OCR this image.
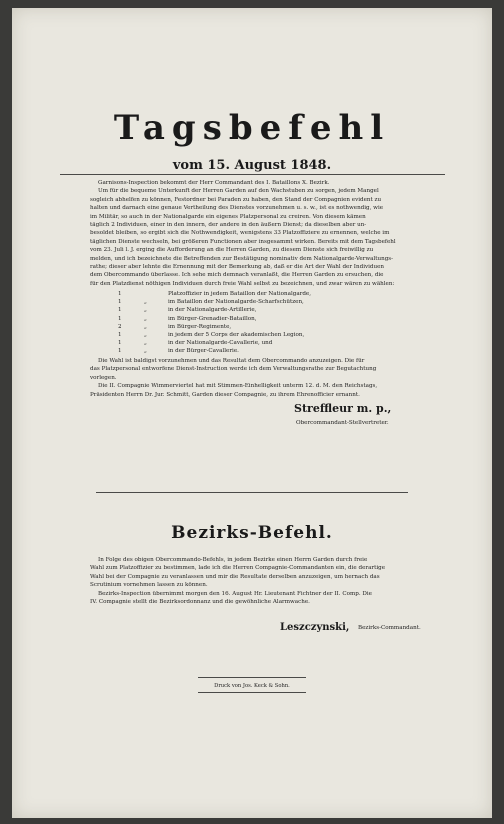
Tagsbefehl
vom 15. August 1848.

Garnisons-Inspection bekommt der Herr Commandant des I. Bataillons X. Bezirk.

Um für die bequeme Unterkunft der Herren Garden auf den Wachstuben zu sorgen, jedem Mangel

sogleich abhelfen zu können, Festordner bei Paraden zu haben, den Stand der Compagnien evident zu

halten und darnach eine genaue Vertheilung des Dienstes vorzunehmen u. s. w., ist es nothwendig, wie

im Militär, so auch in der Nationalgarde ein eigenes Platzpersonal zu creiren. Von diesem kämen

täglich 2 Individuen, einer in den innern, der andere in den äußern Dienst; da dieselben aber un-

besoldet bleiben, so ergibt sich die Nothwendigkeit, wenigstens 33 Platzoffiziere zu ernennen, welche im

täglichen Dienste wechseln, bei größeren Functionen aber insgesammt wirken. Bereits mit dem Tagsbefehl

vom 23. Juli l. J. erging die Aufforderung an die Herren Garden, zu diesem Dienste sich freiwillig zu

melden, und ich bezeichnete die Betreffenden zur Bestätigung nominativ dem Nationalgarde-Verwaltungs-

rathe; dieser aber lehnte die Ernennung mit der Bemerkung ab, daß er die Art der Wahl der Individuen

dem Obercommando überlasse. Ich sehe mich demnach veranlaßt, die Herren Garden zu ersuchen, die

für den Platzdienst nöthigen Individuen durch freie Wahl selbst zu bezeichnen, und zwar wären zu wählen:

1	Platzoffizier in jedem Bataillon der Nationalgarde,
1	„	im Bataillon der Nationalgarde-Scharfschützen,
1	„	in der Nationalgarde-Artillerie,
1	„	im Bürger-Grenadier-Bataillon,
2	„	im Bürger-Regimente,
1	„	in jedem der 5 Corps der akademischen Legion,
1	„	in der Nationalgarde-Cavallerie, und
1	„	in der Bürger-Cavallerie.

Die Wahl ist baldigst vorzunehmen und das Resultat dem Obercommando anzuzeigen. Die für

das Platzpersonal entworfene Dienst-Instruction werde ich dem Verwaltungsrathe zur Begutachtung

vorlegen.

Die II. Compagnie Wimmerviertel hat mit Stimmen-Einhelligkeit unterm 12. d. M. den Reichstags,

Präsidenten Herrn Dr. Jur. Schmitt, Garden dieser Compagnie, zu ihrem Ehrenofficier ernannt.

Streffleur m. p.,
Obercommandant-Stellvertreter.
Bezirks-Befehl.

In Folge des obigen Obercommando-Befehls, in jedem Bezirke einen Herrn Garden durch freie

Wahl zum Platzoffizier zu bestimmen, lade ich die Herren Compagnie-Commandanten ein, die derartige

Wahl bei der Compagnie zu veranlassen und mir die Resultate derselben anzuzeigen, um hernach das

Scrutinium vornehmen lassen zu können.

Bezirks-Inspection übernimmt morgen den 16. August Hr. Lieutenant Fichtner der II. Comp. Die

IV. Compagnie stellt die Bezirksordonnanz und die gewöhnliche Alarmwache.

Leszczynski, Bezirks-Commandant.
Druck von Jos. Keck & Sohn.
